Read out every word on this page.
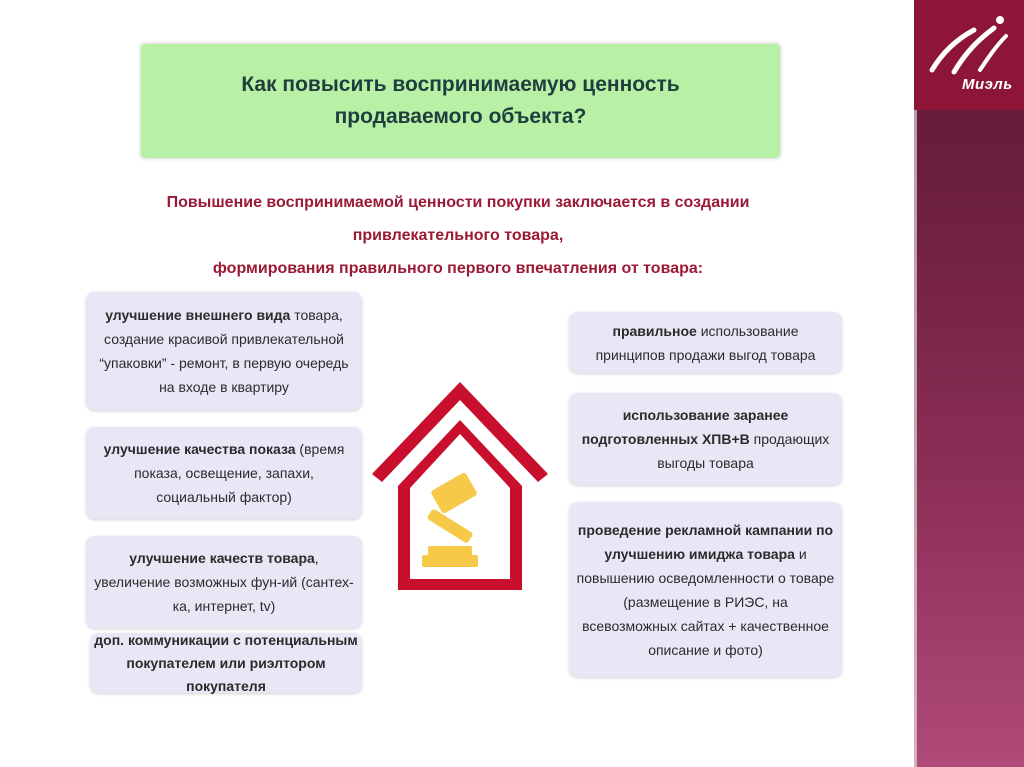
Как повысить воспринимаемую ценность
продаваемого объекта?
Повышение воспринимаемой ценности покупки заключается в создании
привлекательного товара,
формирования правильного первого впечатления от товара:

улучшение внешнего вида товара, создание красивой привлекательной “упаковки” - ремонт, в первую очередь на входе в квартиру

улучшение качества показа (время показа, освещение, запахи, социальный фактор)

улучшение качеств товара, увеличение возможных фун-ий (сантех-ка, интернет, tv)

доп. коммуникации с потенциальным покупателем или риэлтором покупателя

правильное использование принципов продажи выгод товара

использование заранее подготовленных ХПВ+В продающих выгоды товара

проведение рекламной кампании по улучшению имиджа товара и повышению осведомленности о товаре (размещение в РИЭС, на всевозможных сайтах + качественное описание и фото)

Миэль
